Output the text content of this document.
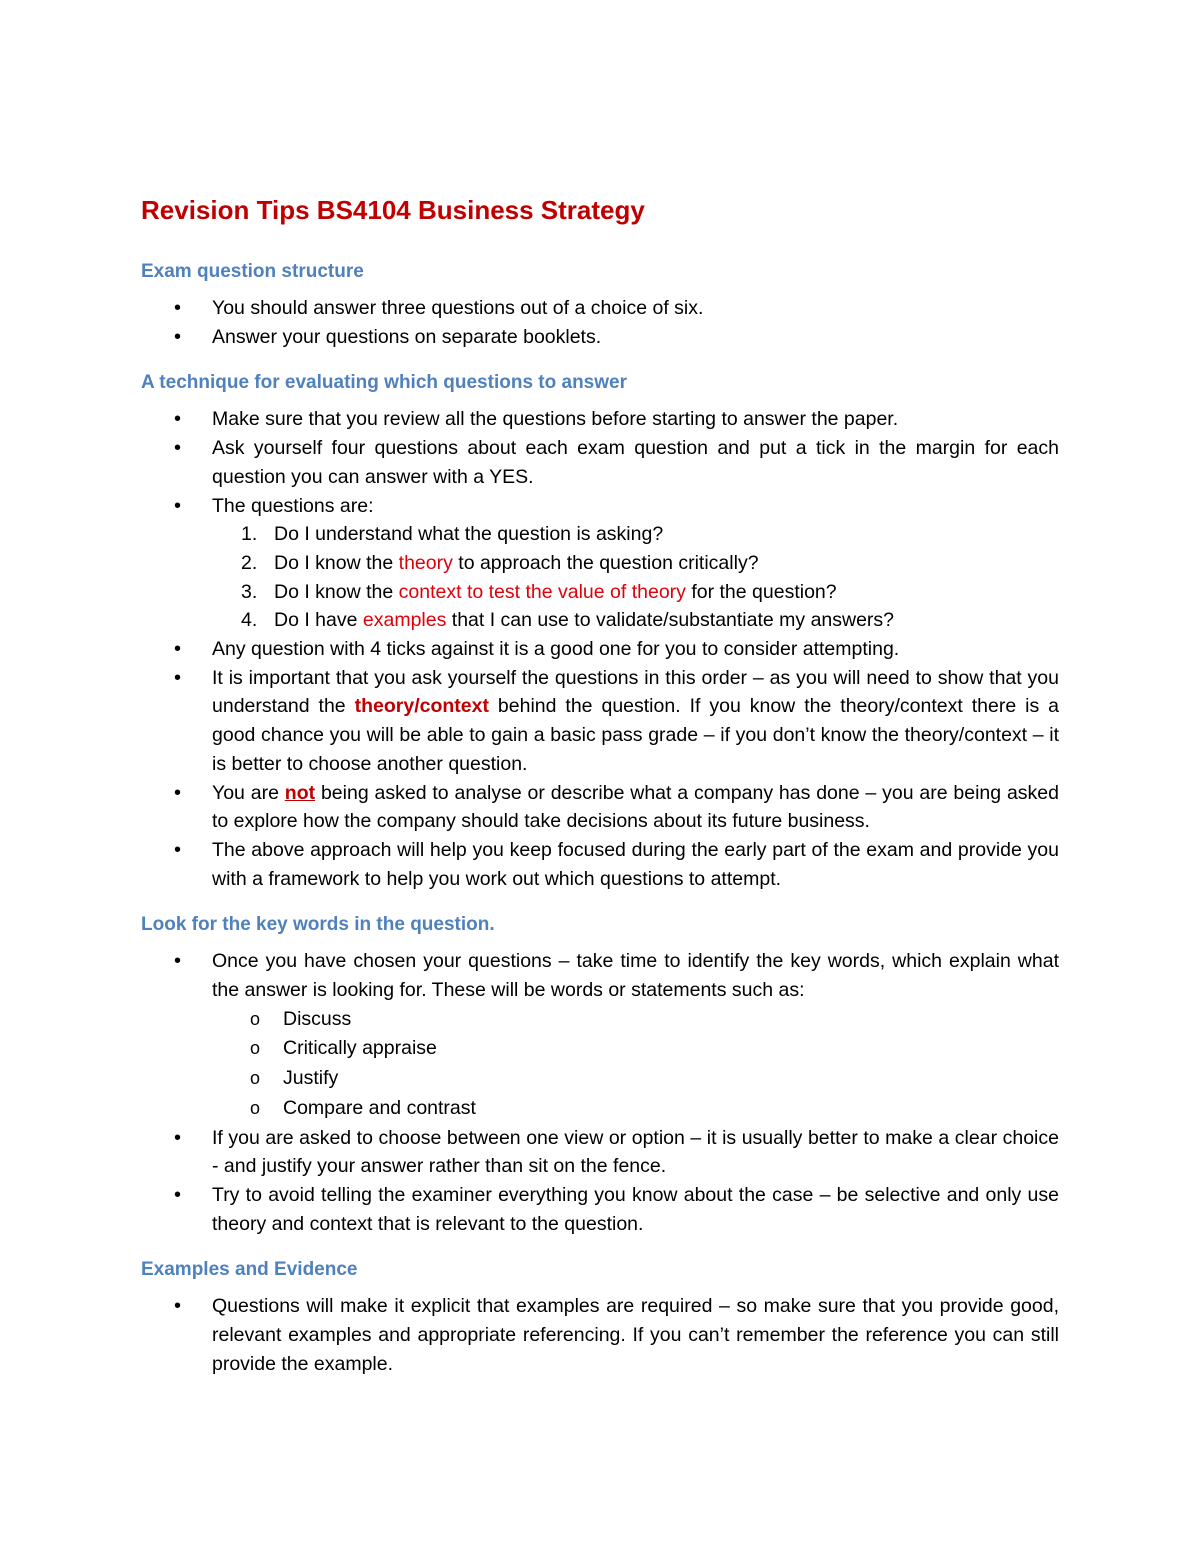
Revision Tips BS4104 Business Strategy
Exam question structure
• You should answer three questions out of a choice of six.
• Answer your questions on separate booklets.
A technique for evaluating which questions to answer
• Make sure that you review all the questions before starting to answer the paper.
• Ask yourself four questions about each exam question and put a tick in the margin for each question you can answer with a YES.
• The questions are:
1. Do I understand what the question is asking?
2. Do I know the theory to approach the question critically?
3. Do I know the context to test the value of theory for the question?
4. Do I have examples that I can use to validate/substantiate my answers?
• Any question with 4 ticks against it is a good one for you to consider attempting.
• It is important that you ask yourself the questions in this order – as you will need to show that you understand the theory/context behind the question. If you know the theory/context there is a good chance you will be able to gain a basic pass grade – if you don’t know the theory/context – it is better to choose another question.
• You are not being asked to analyse or describe what a company has done – you are being asked to explore how the company should take decisions about its future business.
• The above approach will help you keep focused during the early part of the exam and provide you with a framework to help you work out which questions to attempt.
Look for the key words in the question.
• Once you have chosen your questions – take time to identify the key words, which explain what the answer is looking for. These will be words or statements such as:
o Discuss
o Critically appraise
o Justify
o Compare and contrast
• If you are asked to choose between one view or option – it is usually better to make a clear choice - and justify your answer rather than sit on the fence.
• Try to avoid telling the examiner everything you know about the case – be selective and only use theory and context that is relevant to the question.
Examples and Evidence
• Questions will make it explicit that examples are required – so make sure that you provide good, relevant examples and appropriate referencing. If you can’t remember the reference you can still provide the example.
